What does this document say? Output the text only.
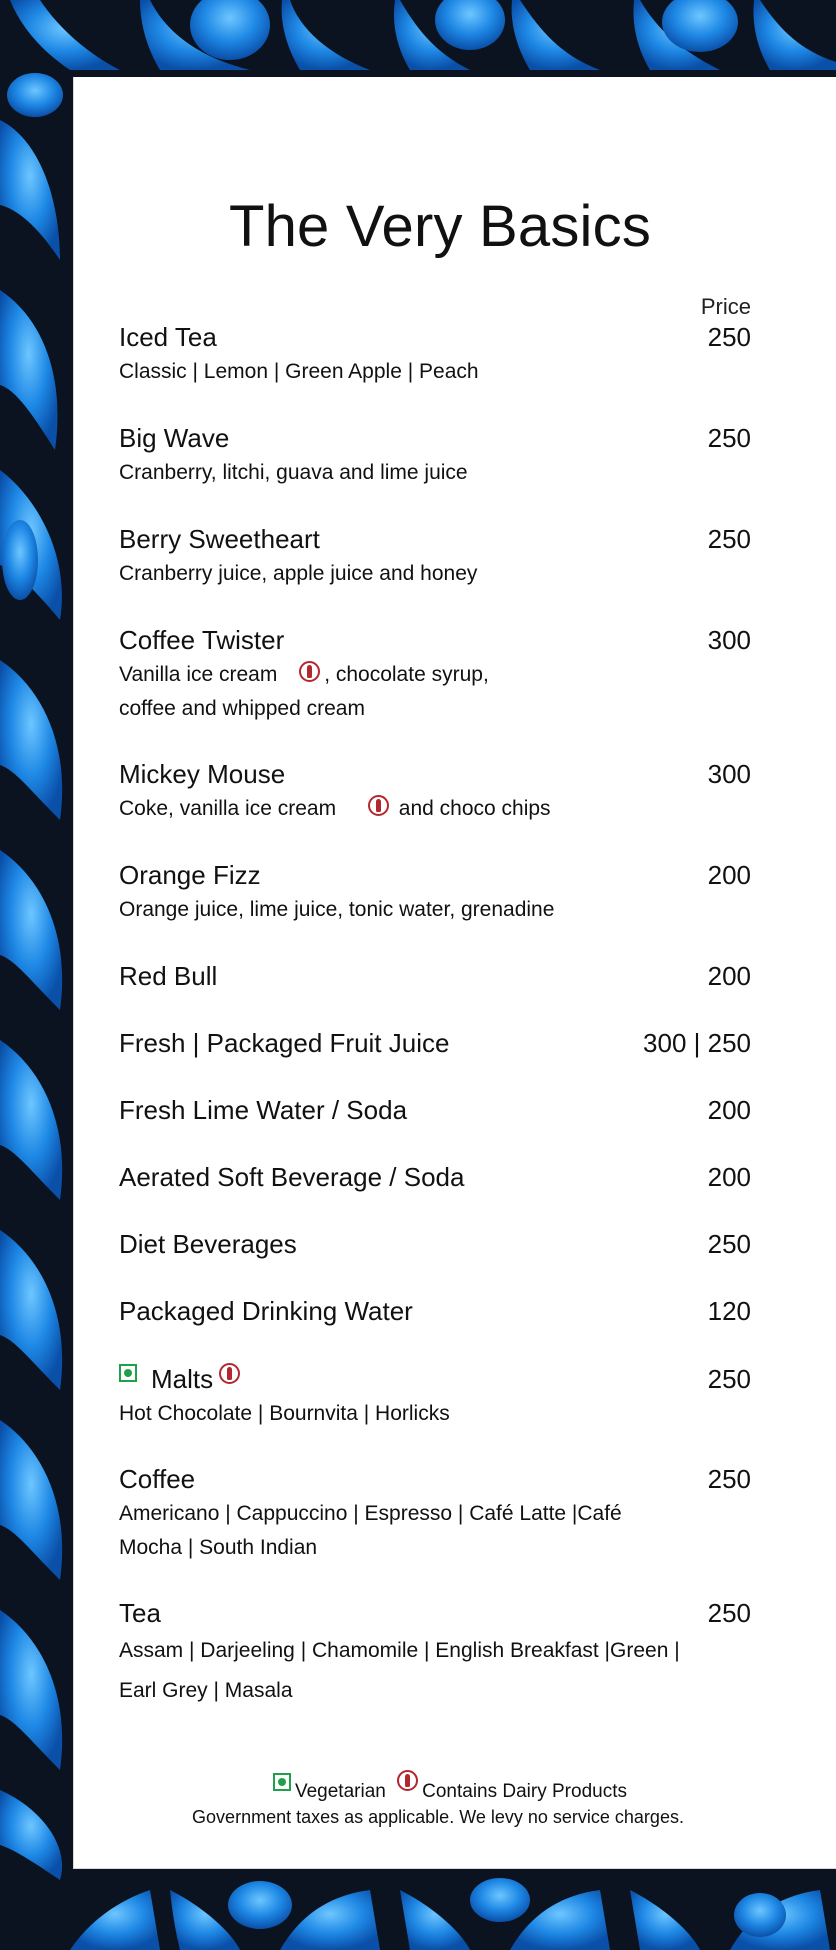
The Very Basics
Price
Iced Tea	250
Classic | Lemon | Green Apple | Peach
Big Wave	250
Cranberry, litchi, guava and lime juice
Berry Sweetheart	250
Cranberry juice, apple juice and honey
Coffee Twister	300
Vanilla ice cream , chocolate syrup,
coffee and whipped cream
Mickey Mouse	300
Coke, vanilla ice cream	and choco chips
Orange Fizz	200
Orange juice, lime juice, tonic water, grenadine
Red Bull	200
Fresh | Packaged Fruit Juice	300 | 250
Fresh Lime Water / Soda	200
Aerated Soft Beverage / Soda	200
Diet Beverages	250
Packaged Drinking Water	120
Malts	250
Hot Chocolate | Bournvita | Horlicks
Coffee	250
Americano | Cappuccino | Espresso | Café Latte |Café
Mocha | South Indian
Tea	250
Assam | Darjeeling | Chamomile | English Breakfast |Green |
Earl Grey | Masala
Vegetarian Contains Dairy Products
Government taxes as applicable. We levy no service charges.
